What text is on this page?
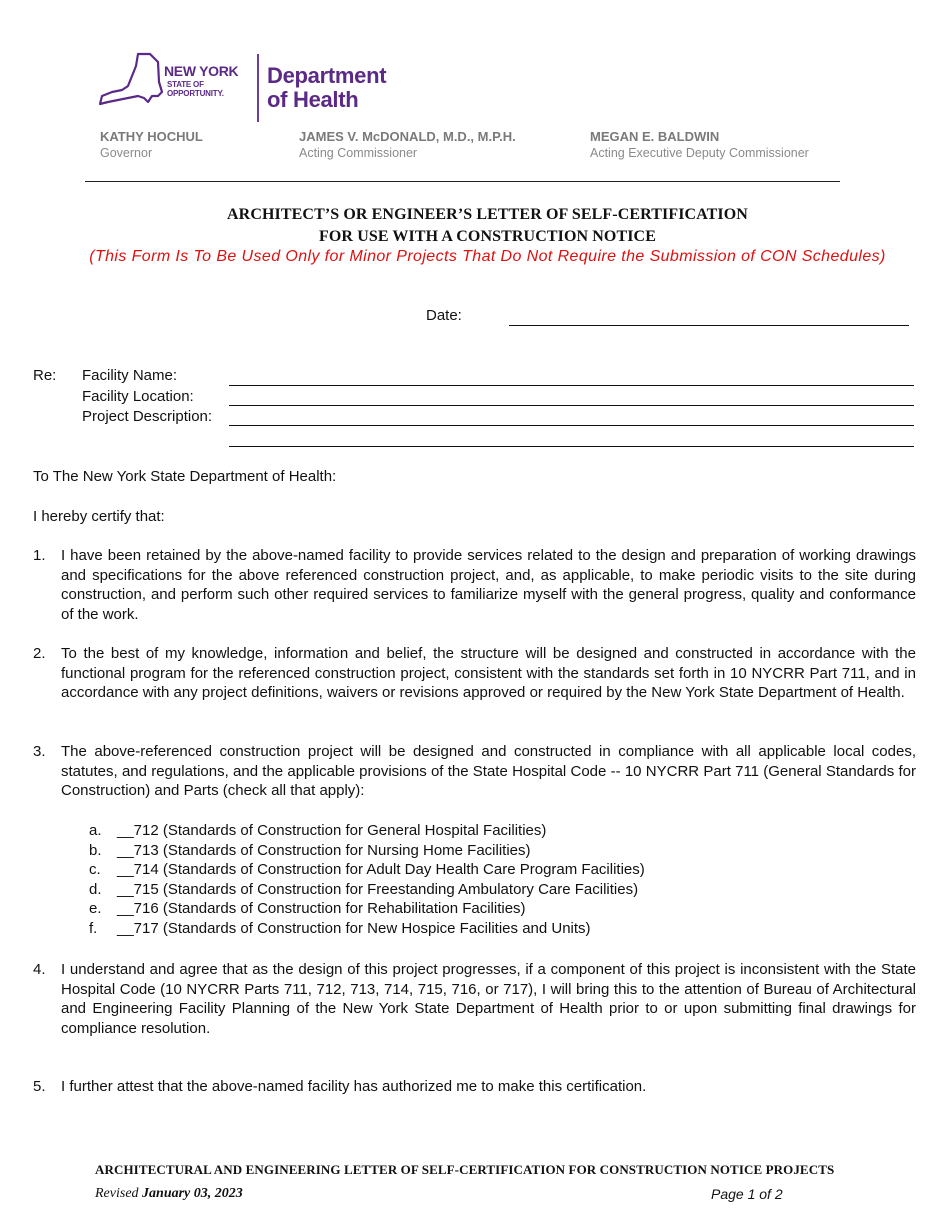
NEW YORK
STATE OF
OPPORTUNITY.
Department
of Health
KATHY HOCHUL
Governor
JAMES V. McDONALD, M.D., M.P.H.
Acting Commissioner
MEGAN E. BALDWIN
Acting Executive Deputy Commissioner
ARCHITECT’S OR ENGINEER’S LETTER OF SELF-CERTIFICATION
FOR USE WITH A CONSTRUCTION NOTICE
(This Form Is To Be Used Only for Minor Projects That Do Not Require the Submission of CON Schedules)
Date:
Re: Facility Name:
Facility Location:
Project Description:
To The New York State Department of Health:
I hereby certify that:
1. I have been retained by the above-named facility to provide services related to the design and preparation of working drawings and specifications for the above referenced construction project, and, as applicable, to make periodic visits to the site during construction, and perform such other required services to familiarize myself with the general progress, quality and conformance of the work.
2. To the best of my knowledge, information and belief, the structure will be designed and constructed in accordance with the functional program for the referenced construction project, consistent with the standards set forth in 10 NYCRR Part 711, and in accordance with any project definitions, waivers or revisions approved or required by the New York State Department of Health.
3. The above-referenced construction project will be designed and constructed in compliance with all applicable local codes, statutes, and regulations, and the applicable provisions of the State Hospital Code -- 10 NYCRR Part 711 (General Standards for Construction) and Parts (check all that apply):
a. __712 (Standards of Construction for General Hospital Facilities)
b. __713 (Standards of Construction for Nursing Home Facilities)
c. __714 (Standards of Construction for Adult Day Health Care Program Facilities)
d. __715 (Standards of Construction for Freestanding Ambulatory Care Facilities)
e. __716 (Standards of Construction for Rehabilitation Facilities)
f. __717 (Standards of Construction for New Hospice Facilities and Units)
4. I understand and agree that as the design of this project progresses, if a component of this project is inconsistent with the State Hospital Code (10 NYCRR Parts 711, 712, 713, 714, 715, 716, or 717), I will bring this to the attention of Bureau of Architectural and Engineering Facility Planning of the New York State Department of Health prior to or upon submitting final drawings for compliance resolution.
5. I further attest that the above-named facility has authorized me to make this certification.
ARCHITECTURAL AND ENGINEERING LETTER OF SELF-CERTIFICATION FOR CONSTRUCTION NOTICE PROJECTS
Revised January 03, 2023	Page 1 of 2
